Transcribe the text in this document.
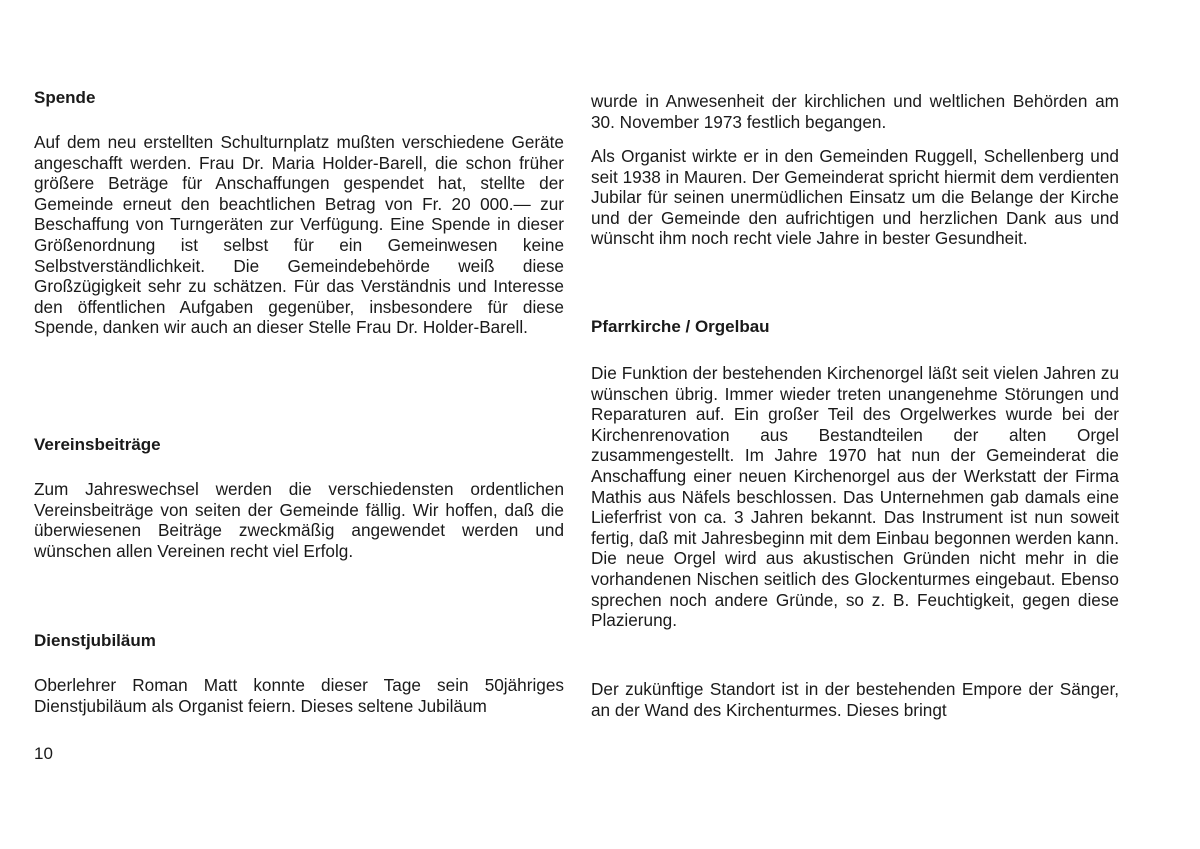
Spende

Auf dem neu erstellten Schulturnplatz mußten verschiedene Geräte angeschafft werden. Frau Dr. Maria Holder-Barell, die schon früher größere Beträge für Anschaffungen gespendet hat, stellte der Gemeinde erneut den beachtlichen Betrag von Fr. 20 000.— zur Beschaffung von Turngeräten zur Verfügung. Eine Spende in dieser Größenordnung ist selbst für ein Gemeinwesen keine Selbstverständlichkeit. Die Gemeindebehörde weiß diese Großzügigkeit sehr zu schätzen. Für das Verständnis und Interesse den öffentlichen Aufgaben gegenüber, insbesondere für diese Spende, danken wir auch an dieser Stelle Frau Dr. Holder-Barell.

Vereinsbeiträge

Zum Jahreswechsel werden die verschiedensten ordentlichen Vereinsbeiträge von seiten der Gemeinde fällig. Wir hoffen, daß die überwiesenen Beiträge zweckmäßig angewendet werden und wünschen allen Vereinen recht viel Erfolg.

Dienstjubiläum

Oberlehrer Roman Matt konnte dieser Tage sein 50jähriges Dienstjubiläum als Organist feiern. Dieses seltene Jubiläum

wurde in Anwesenheit der kirchlichen und weltlichen Behörden am 30. November 1973 festlich begangen.

Als Organist wirkte er in den Gemeinden Ruggell, Schellenberg und seit 1938 in Mauren. Der Gemeinderat spricht hiermit dem verdienten Jubilar für seinen unermüdlichen Einsatz um die Belange der Kirche und der Gemeinde den aufrichtigen und herzlichen Dank aus und wünscht ihm noch recht viele Jahre in bester Gesundheit.

Pfarrkirche / Orgelbau

Die Funktion der bestehenden Kirchenorgel läßt seit vielen Jahren zu wünschen übrig. Immer wieder treten unangenehme Störungen und Reparaturen auf. Ein großer Teil des Orgelwerkes wurde bei der Kirchenrenovation aus Bestandteilen der alten Orgel zusammengestellt. Im Jahre 1970 hat nun der Gemeinderat die Anschaffung einer neuen Kirchenorgel aus der Werkstatt der Firma Mathis aus Näfels beschlossen. Das Unternehmen gab damals eine Lieferfrist von ca. 3 Jahren bekannt. Das Instrument ist nun soweit fertig, daß mit Jahresbeginn mit dem Einbau begonnen werden kann. Die neue Orgel wird aus akustischen Gründen nicht mehr in die vorhandenen Nischen seitlich des Glockenturmes eingebaut. Ebenso sprechen noch andere Gründe, so z. B. Feuchtigkeit, gegen diese Plazierung.

Der zukünftige Standort ist in der bestehenden Empore der Sänger, an der Wand des Kirchenturmes. Dieses bringt

10
